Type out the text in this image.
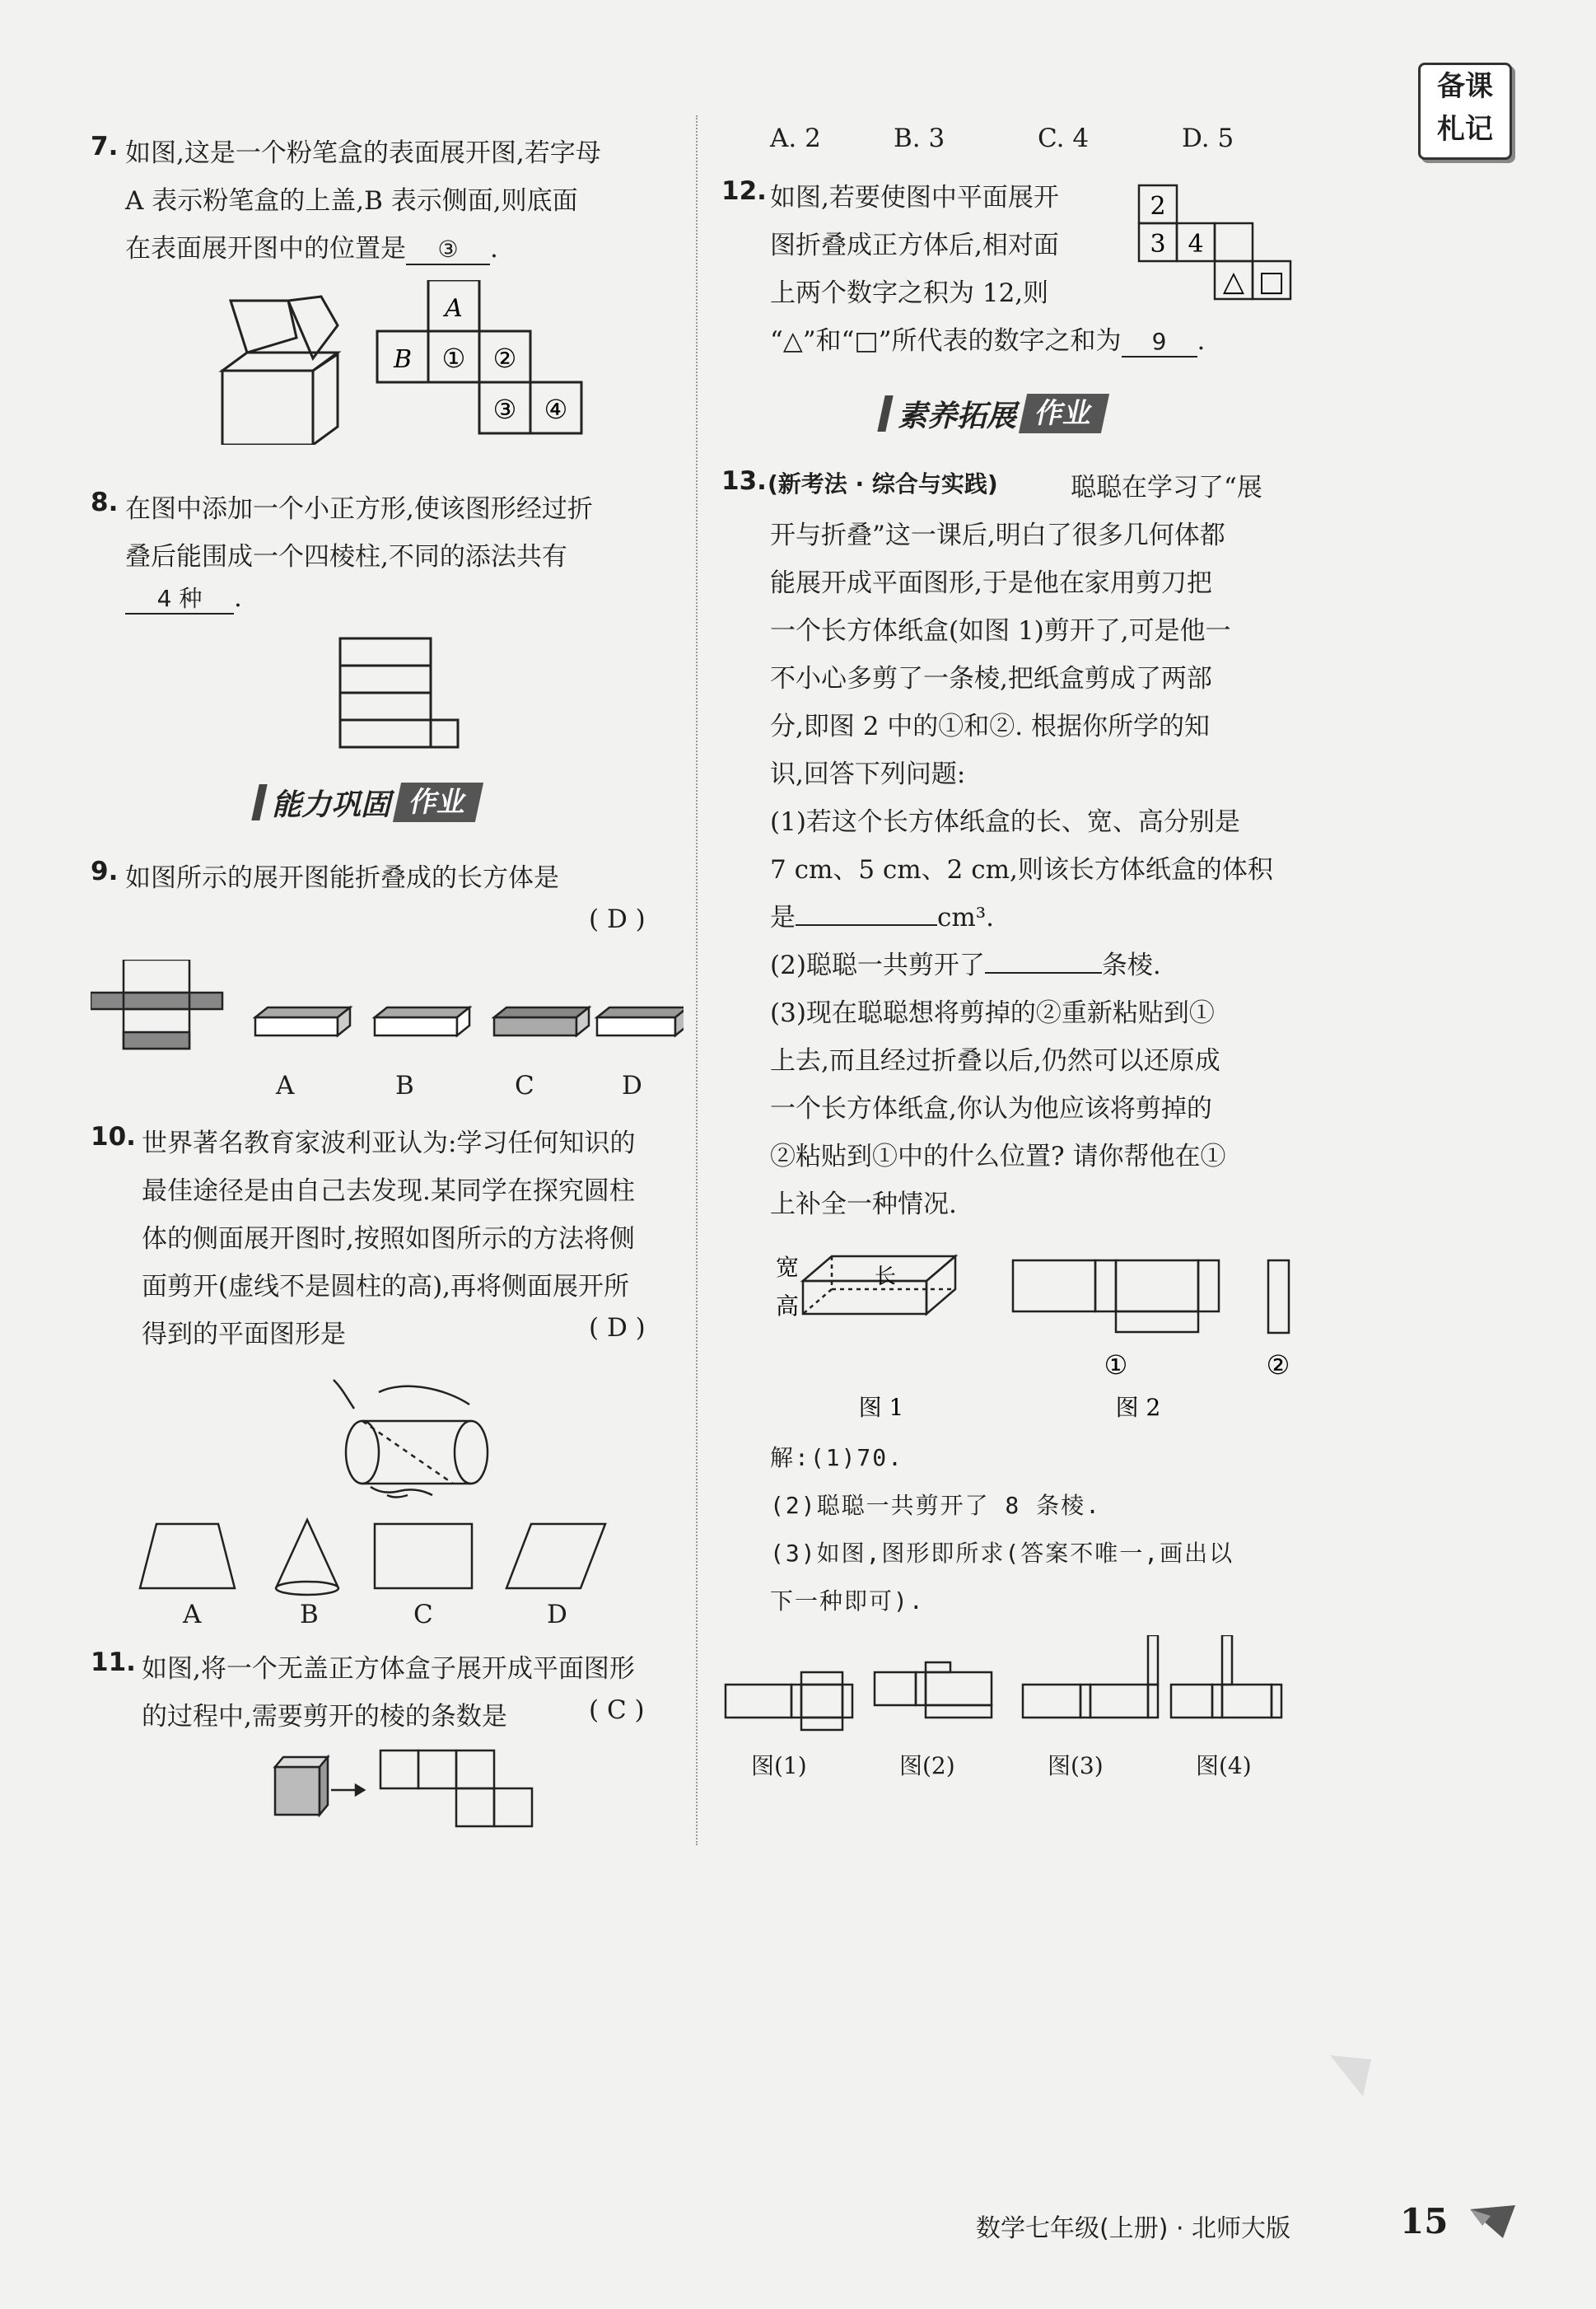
备课
札记
7. 如图,这是一个粉笔盒的表面展开图,若字母
A 表示粉笔盒的上盖,B 表示侧面,则底面
在表面展开图中的位置是 ③ .
A
B ① ②
③ ④
8. 在图中添加一个小正方形,使该图形经过折
叠后能围成一个四棱柱,不同的添法共有
4 种 .
能力巩固 作业
9. 如图所示的展开图能折叠成的长方体是
( D )
A	B	C	D
10. 世界著名教育家波利亚认为:学习任何知识的
最佳途径是由自己去发现.某同学在探究圆柱
体的侧面展开图时,按照如图所示的方法将侧
面剪开(虚线不是圆柱的高),再将侧面展开所
得到的平面图形是	( D )
A	B	C	D
11. 如图,将一个无盖正方体盒子展开成平面图形
的过程中,需要剪开的棱的条数是	( C )
A. 2	B. 3	C. 4	D. 5
12. 如图,若要使图中平面展开
图折叠成正方体后,相对面
上两个数字之积为 12,则
“△”和“□”所代表的数字之和为 9 .
2
3 4
△ □
素养拓展 作业
13. (新考法 · 综合与实践)	聪聪在学习了“展
开与折叠”这一课后,明白了很多几何体都
能展开成平面图形,于是他在家用剪刀把
一个长方体纸盒(如图 1)剪开了,可是他一
不小心多剪了一条棱,把纸盒剪成了两部
分,即图 2 中的①和②. 根据你所学的知
识,回答下列问题:
(1)若这个长方体纸盒的长、宽、高分别是
7 cm、5 cm、2 cm,则该长方体纸盒的体积
是	cm³.
(2)聪聪一共剪开了	条棱.
(3)现在聪聪想将剪掉的②重新粘贴到①
上去,而且经过折叠以后,仍然可以还原成
一个长方体纸盒,你认为他应该将剪掉的
②粘贴到①中的什么位置? 请你帮他在①
上补全一种情况.
宽	长
高
①	②
图 1	图 2
解:(1)70.
(2)聪聪一共剪开了 8 条棱.
(3)如图,图形即所求(答案不唯一,画出以
下一种即可).
图(1)	图(2)	图(3)	图(4)
数学七年级(上册) · 北师大版	15
